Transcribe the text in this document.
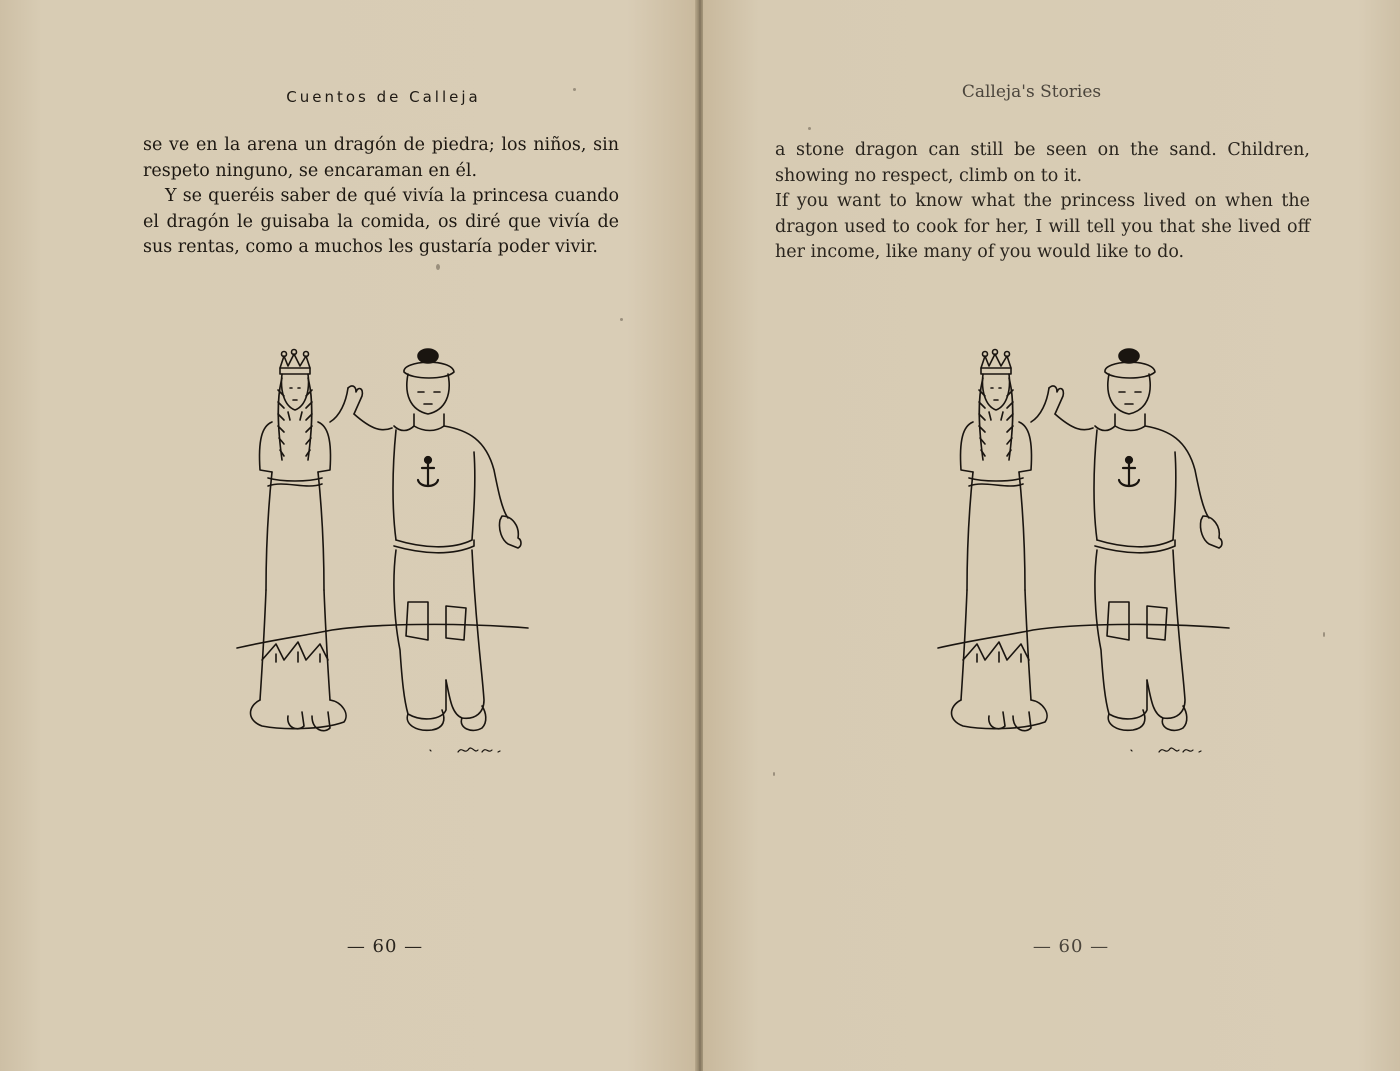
Cuentos de Calleja

se ve en la arena un dragón de piedra; los niños, sin respeto ninguno, se encaraman en él.

Y se queréis saber de qué vivía la princesa cuando el dragón le guisaba la comida, os diré que vivía de sus rentas, como a muchos les gustaría poder vivir.

— 60 —
Calleja's Stories

a stone dragon can still be seen on the sand. Children, showing no respect, climb on to it.

If you want to know what the princess lived on when the dragon used to cook for her, I will tell you that she lived off her income, like many of you would like to do.

— 60 —
